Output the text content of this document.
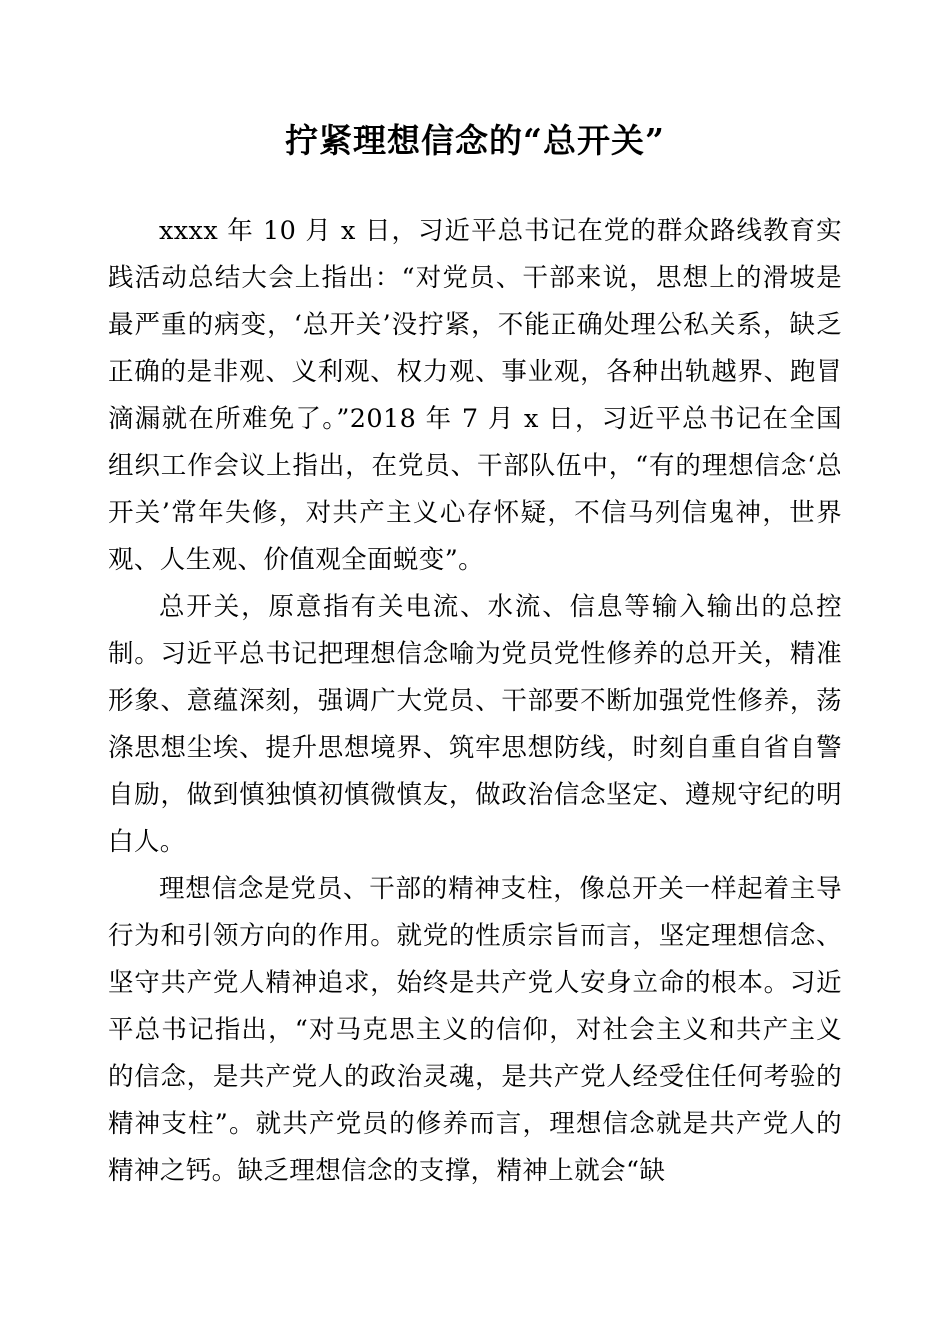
拧紧理想信念的“总开关”

xxxx 年 10 月 x 日，习近平总书记在党的群众路线教育实践活动总结大会上指出：“对党员、干部来说，思想上的滑坡是最严重的病变，‘总开关’没拧紧，不能正确处理公私关系，缺乏正确的是非观、义利观、权力观、事业观，各种出轨越界、跑冒滴漏就在所难免了。”2018 年 7 月 x 日，习近平总书记在全国组织工作会议上指出，在党员、干部队伍中，“有的理想信念‘总开关’常年失修，对共产主义心存怀疑，不信马列信鬼神，世界观、人生观、价值观全面蜕变”。

总开关，原意指有关电流、水流、信息等输入输出的总控制。习近平总书记把理想信念喻为党员党性修养的总开关，精准形象、意蕴深刻，强调广大党员、干部要不断加强党性修养，荡涤思想尘埃、提升思想境界、筑牢思想防线，时刻自重自省自警自励，做到慎独慎初慎微慎友，做政治信念坚定、遵规守纪的明白人。

理想信念是党员、干部的精神支柱，像总开关一样起着主导行为和引领方向的作用。就党的性质宗旨而言，坚定理想信念、坚守共产党人精神追求，始终是共产党人安身立命的根本。习近平总书记指出，“对马克思主义的信仰，对社会主义和共产主义的信念，是共产党人的政治灵魂，是共产党人经受住任何考验的精神支柱”。就共产党员的修养而言，理想信念就是共产党人的精神之钙。缺乏理想信念的支撑，精神上就会“缺
